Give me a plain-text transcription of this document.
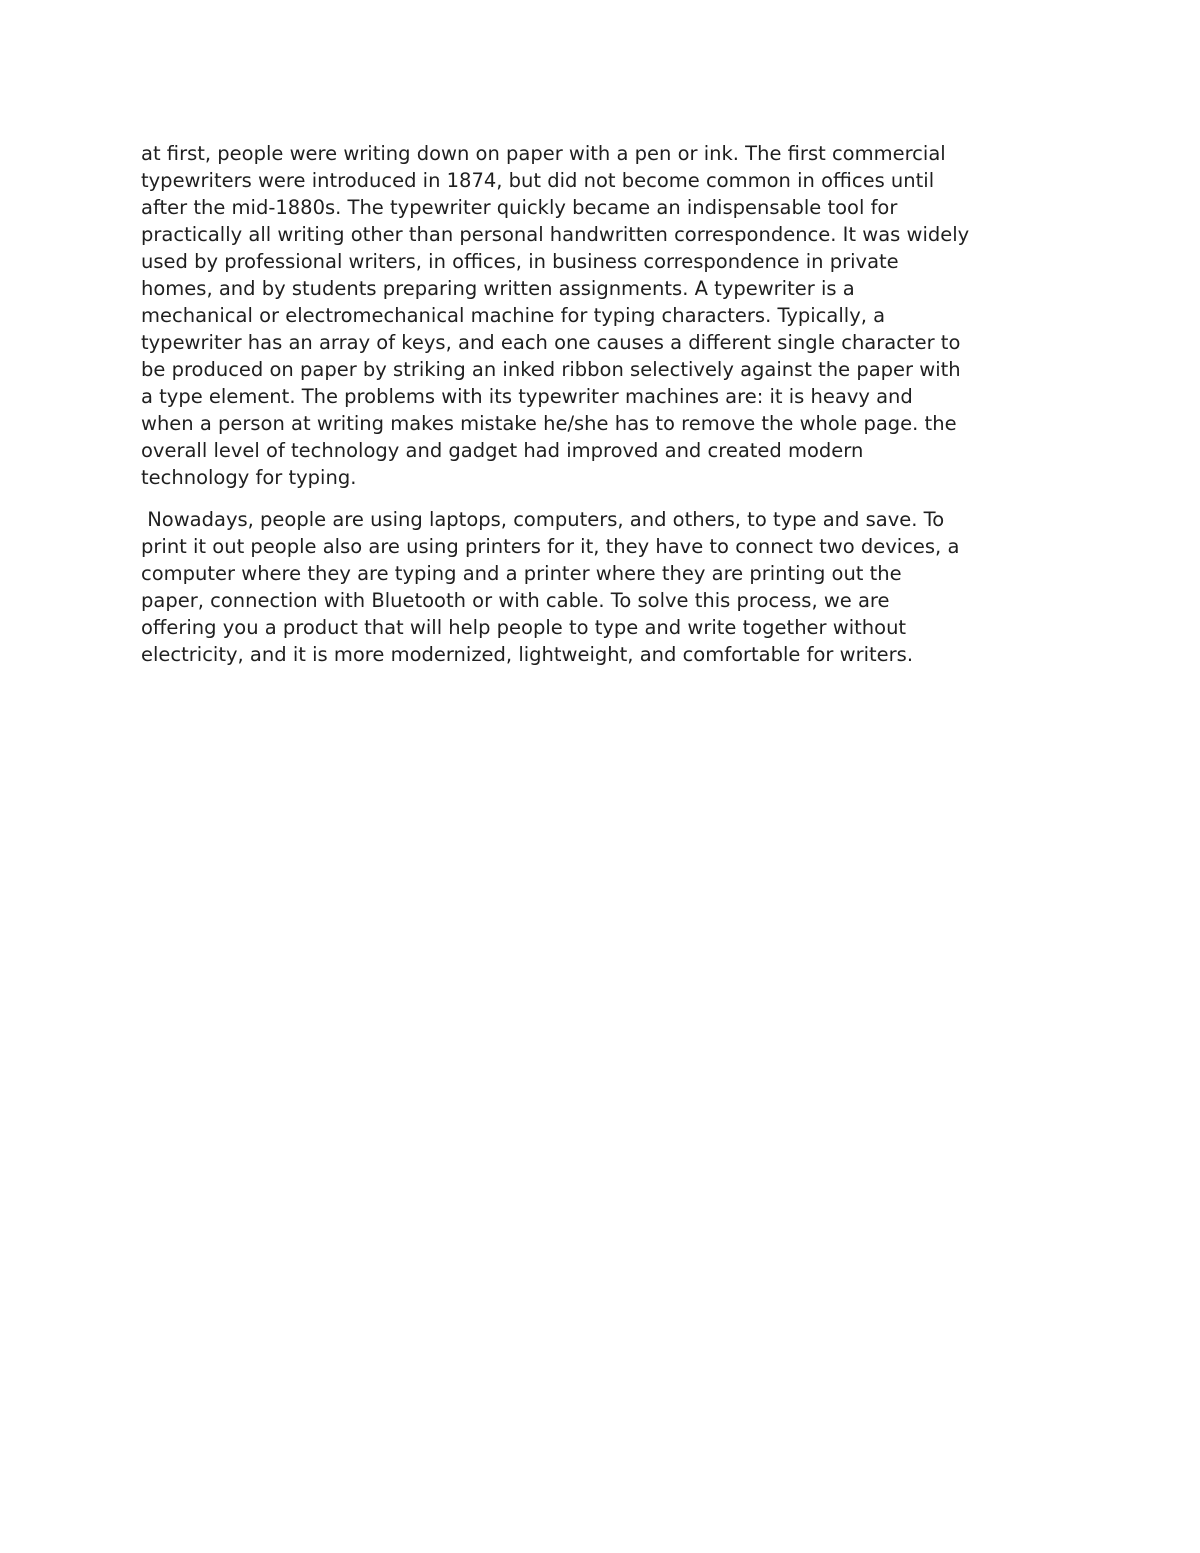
at first, people were writing down on paper with a pen or ink. The first commercial
typewriters were introduced in 1874, but did not become common in offices until
after the mid-1880s. The typewriter quickly became an indispensable tool for
practically all writing other than personal handwritten correspondence. It was widely
used by professional writers, in offices, in business correspondence in private
homes, and by students preparing written assignments. A typewriter is a
mechanical or electromechanical machine for typing characters. Typically, a
typewriter has an array of keys, and each one causes a different single character to
be produced on paper by striking an inked ribbon selectively against the paper with
a type element. The problems with its typewriter machines are: it is heavy and
when a person at writing makes mistake he/she has to remove the whole page. the
overall level of technology and gadget had improved and created modern
technology for typing.

Nowadays, people are using laptops, computers, and others, to type and save. To
print it out people also are using printers for it, they have to connect two devices, a
computer where they are typing and a printer where they are printing out the
paper, connection with Bluetooth or with cable. To solve this process, we are
offering you a product that will help people to type and write together without
electricity, and it is more modernized, lightweight, and comfortable for writers.
